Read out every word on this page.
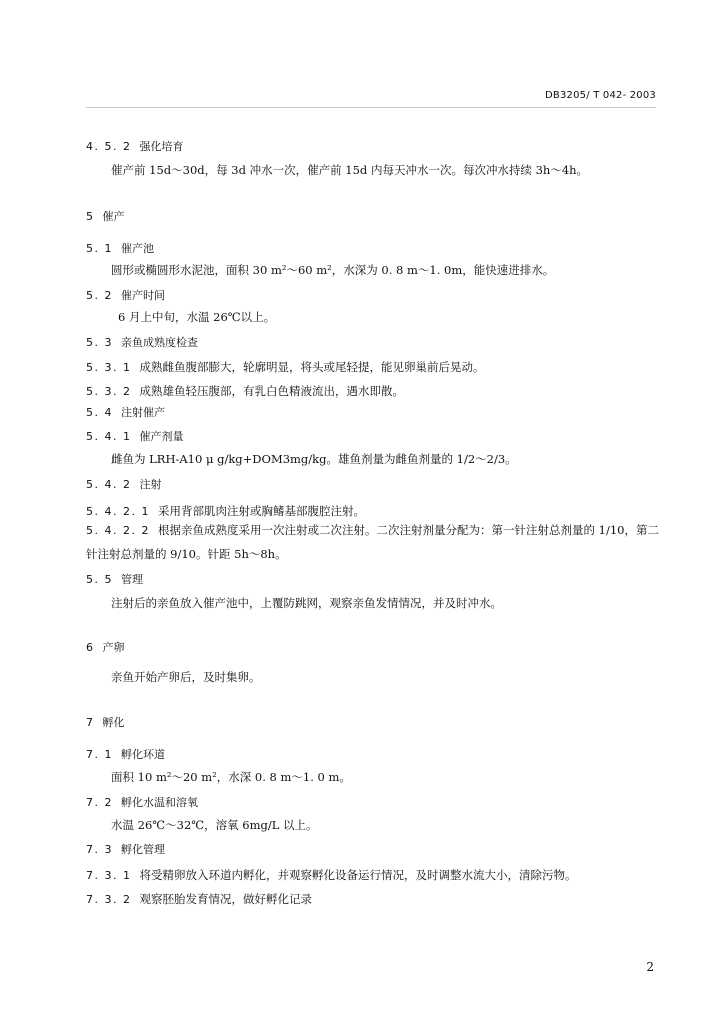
DB3205/ T 042- 2003
4. 5. 2 强化培育
催产前 15d～30d，每 3d 冲水一次，催产前 15d 内每天冲水一次。每次冲水持续 3h～4h。
5 催产
5. 1 催产池
圆形或椭圆形水泥池，面积 30 m²～60 m²，水深为 0. 8 m～1. 0m，能快速进排水。
5. 2 催产时间
6 月上中旬，水温 26℃以上。
5. 3 亲鱼成熟度检查
5. 3. 1 成熟雌鱼腹部膨大，轮廓明显，将头或尾轻提，能见卵巢前后晃动。
5. 3. 2 成熟雄鱼轻压腹部，有乳白色精液流出，遇水即散。
5. 4 注射催产
5. 4. 1 催产剂量
雌鱼为 LRH-A10 μ g/kg+DOM3mg/kg。雄鱼剂量为雌鱼剂量的 1/2～2/3。
5. 4. 2 注射
5. 4. 2. 1 采用背部肌肉注射或胸鳍基部腹腔注射。
5. 4. 2. 2 根据亲鱼成熟度采用一次注射或二次注射。二次注射剂量分配为：第一针注射总剂量的 1/10，第二针注射总剂量的 9/10。针距 5h～8h。
5. 5 管理
注射后的亲鱼放入催产池中，上覆防跳网，观察亲鱼发情情况，并及时冲水。
6 产卵
亲鱼开始产卵后，及时集卵。
7 孵化
7. 1 孵化环道
面积 10 m²～20 m²，水深 0. 8 m～1. 0 m。
7. 2 孵化水温和溶氧
水温 26℃～32℃，溶氧 6mg/L 以上。
7. 3 孵化管理
7. 3. 1 将受精卵放入环道内孵化，并观察孵化设备运行情况，及时调整水流大小，清除污物。
7. 3. 2 观察胚胎发育情况，做好孵化记录
2
